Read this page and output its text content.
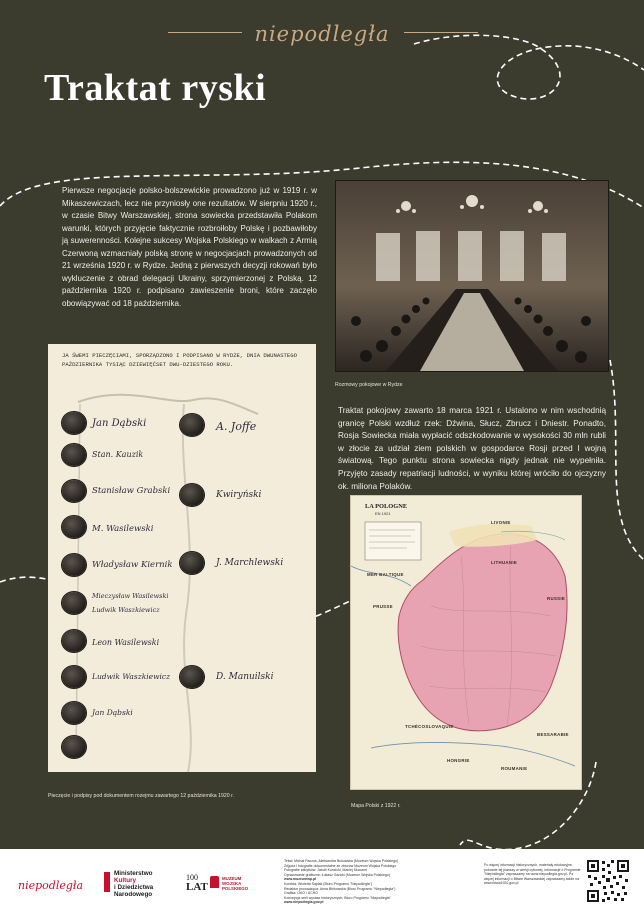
niepodległa
Traktat ryski

Pierwsze negocjacje polsko-bolszewickie prowadzono już w 1919 r. w Mikaszewiczach, lecz nie przyniosły one rezultatów. W sierpniu 1920 r., w czasie Bitwy Warszawskiej, strona sowiecka przedstawiła Polakom warunki, których przyjęcie faktycznie rozbroiłoby Polskę i pozbawiłoby ją suwerenności. Kolejne sukcesy Wojska Polskiego w walkach z Armią Czerwoną wzmacniały polską stronę w negocjacjach prowadzonych od 21 września 1920 r. w Rydze. Jedną z pierwszych decyzji rokowań było wykluczenie z obrad delegacji Ukrainy, sprzymierzonej z Polską. 12 października 1920 r. podpisano zawieszenie broni, które zaczęło obowiązywać od 18 października.

Rozmowy pokojowe w Rydze

Traktat pokojowy zawarto 18 marca 1921 r. Ustalono w nim wschodnią granicę Polski wzdłuż rzek: Dźwina, Słucz, Zbrucz i Dniestr. Ponadto, Rosja Sowiecka miała wypłacić odszkodowanie w wysokości 30 mln rubli w złocie za udział ziem polskich w gospodarce Rosji przed I wojną światową. Tego punktu strona sowiecka nigdy jednak nie wypełniła. Przyjęto zasady repatriacji ludności, w wyniku której wróciło do ojczyzny ok. miliona Polaków.

JA ŚWEMI PIECZĘCIAMI, SPORZĄDZONO I PODPISANO W RYDZE, DNIA DWUNASTEGO PAŹDZIERNIKA TYSIĄC DZIEWIĘĆSET DWU-DZIESTEGO ROKU.

Jan Dąbski
Stan. Kauzik
Stanisław Grabski
M. Wasilewski
Władysław Kiernik
Mieczysław Wasilewski
Ludwik Waszkiewicz
Leon Wasilewski
Ludwik Waszkiewicz
Jan Dąbski
A. Joffe
Kwiryński
J. Marchlewski
D. Manuilski

Pieczęcie i podpisy pod dokumentem rozejmu zawartego 12 października 1920 r.

LA POLOGNE

EN 1921

LIVONIE
LITHUANIE
MER BALTIQUE
PRUSSE
RUSSIE
TCHÉCOSLOVAQUIE
HONGRIE
ROUMANIE
BESSARABIE

Mapa Polski z 1922 r.

niepodległa

Ministerstwo
Kultury
i Dziedzictwa
Narodowego

100
LAT

MUZEUM
WOJSKA
POLSKIEGO

Tekst: Michał Paczuś, Aleksandra Bukowska (Muzeum Wojska Polskiego)
Zdjęcia i fotografie dokumentalne ze zbiorów Muzeum Wojska Polskiego
Fotografie zabytków: Jakub Kuncicki, Maciej Skoczeń
Opracowanie graficzne: Łukasz Gancki (Muzeum Wojska Polskiego)
www.muzeumwp.pl
Korekta: Wioletta Sajdak (Biuro Programu "Niepodległa")
Redaktor prowadząca: Anna Bińkowska (Biuro Programu "Niepodległa")
Grafika: OKO i UCHO
Koncepcja serii wystaw historycznych: Biuro Programu "Niepodległa"
www.niepodlegla.gov.pl

Po więcej informacji historycznych, materiały edukacyjne, pobranie tej planszy w wersji cyfrowej, informacje o Programie "Niepodległa" zapraszamy na www.niepodlegla.gov.pl. Po więcej informacji o Bitwie Warszawskiej zapraszamy także na www.bitwa1920.gov.pl
